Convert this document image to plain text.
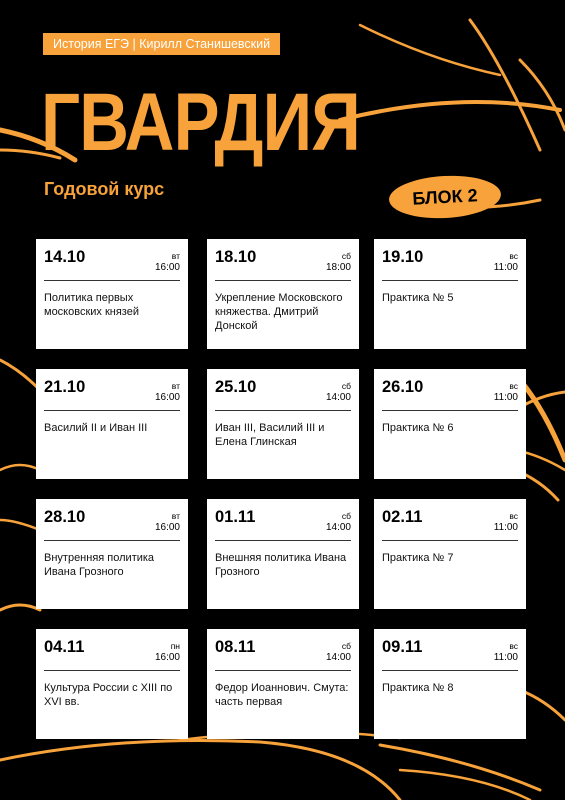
История ЕГЭ | Кирилл Станишевский
ГВАРДИЯ
Годовой курс	БЛОК 2
14.10	вт
16:00
Политика первых московских князей
18.10	сб
18:00
Укрепление Московского княжества. Дмитрий Донской
19.10	вс
11:00
Практика № 5
21.10	вт
16:00
Василий II и Иван III
25.10	сб
14:00
Иван III, Василий III и Елена Глинская
26.10	вс
11:00
Практика № 6
28.10	вт
16:00
Внутренняя политика Ивана Грозного
01.11	сб
14:00
Внешняя политика Ивана Грозного
02.11	вс
11:00
Практика № 7
04.11	пн
16:00
Культура России с XIII по XVI вв.
08.11	сб
14:00
Федор Иоаннович. Смута: часть первая
09.11	вс
11:00
Практика № 8
